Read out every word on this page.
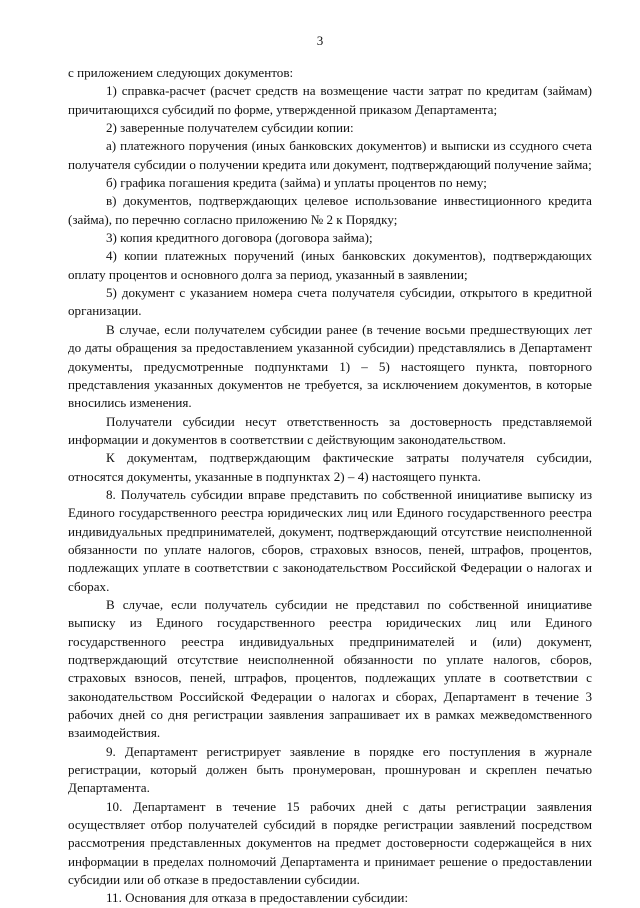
3

с приложением следующих документов:

1) справка-расчет (расчет средств на возмещение части затрат по кредитам (займам) причитающихся субсидий по форме, утвержденной приказом Департамента;

2) заверенные получателем субсидии копии:

а) платежного поручения (иных банковских документов) и выписки из ссудного счета получателя субсидии о получении кредита или документ, подтверждающий получение займа;

б) графика погашения кредита (займа) и уплаты процентов по нему;

в) документов, подтверждающих целевое использование инвестиционного кредита (займа), по перечню согласно приложению № 2 к Порядку;

3) копия кредитного договора (договора займа);

4) копии платежных поручений (иных банковских документов), подтверждающих оплату процентов и основного долга за период, указанный в заявлении;

5) документ с указанием номера счета получателя субсидии, открытого в кредитной организации.

В случае, если получателем субсидии ранее (в течение восьми предшествующих лет до даты обращения за предоставлением указанной субсидии) представлялись в Департамент документы, предусмотренные подпунктами 1) – 5) настоящего пункта, повторного представления указанных документов не требуется, за исключением документов, в которые вносились изменения.

Получатели субсидии несут ответственность за достоверность представляемой информации и документов в соответствии с действующим законодательством.

К документам, подтверждающим фактические затраты получателя субсидии, относятся документы, указанные в подпунктах 2) – 4) настоящего пункта.

8. Получатель субсидии вправе представить по собственной инициативе выписку из Единого государственного реестра юридических лиц или Единого государственного реестра индивидуальных предпринимателей, документ, подтверждающий отсутствие неисполненной обязанности по уплате налогов, сборов, страховых взносов, пеней, штрафов, процентов, подлежащих уплате в соответствии с законодательством Российской Федерации о налогах и сборах.

В случае, если получатель субсидии не представил по собственной инициативе выписку из Единого государственного реестра юридических лиц или Единого государственного реестра индивидуальных предпринимателей и (или) документ, подтверждающий отсутствие неисполненной обязанности по уплате налогов, сборов, страховых взносов, пеней, штрафов, процентов, подлежащих уплате в соответствии с законодательством Российской Федерации о налогах и сборах, Департамент в течение 3 рабочих дней со дня регистрации заявления запрашивает их в рамках межведомственного взаимодействия.

9. Департамент регистрирует заявление в порядке его поступления в журнале регистрации, который должен быть пронумерован, прошнурован и скреплен печатью Департамента.

10. Департамент в течение 15 рабочих дней с даты регистрации заявления осуществляет отбор получателей субсидий в порядке регистрации заявлений посредством рассмотрения представленных документов на предмет достоверности содержащейся в них информации в пределах полномочий Департамента и принимает решение о предоставлении субсидии или об отказе в предоставлении субсидии.

11. Основания для отказа в предоставлении субсидии:
